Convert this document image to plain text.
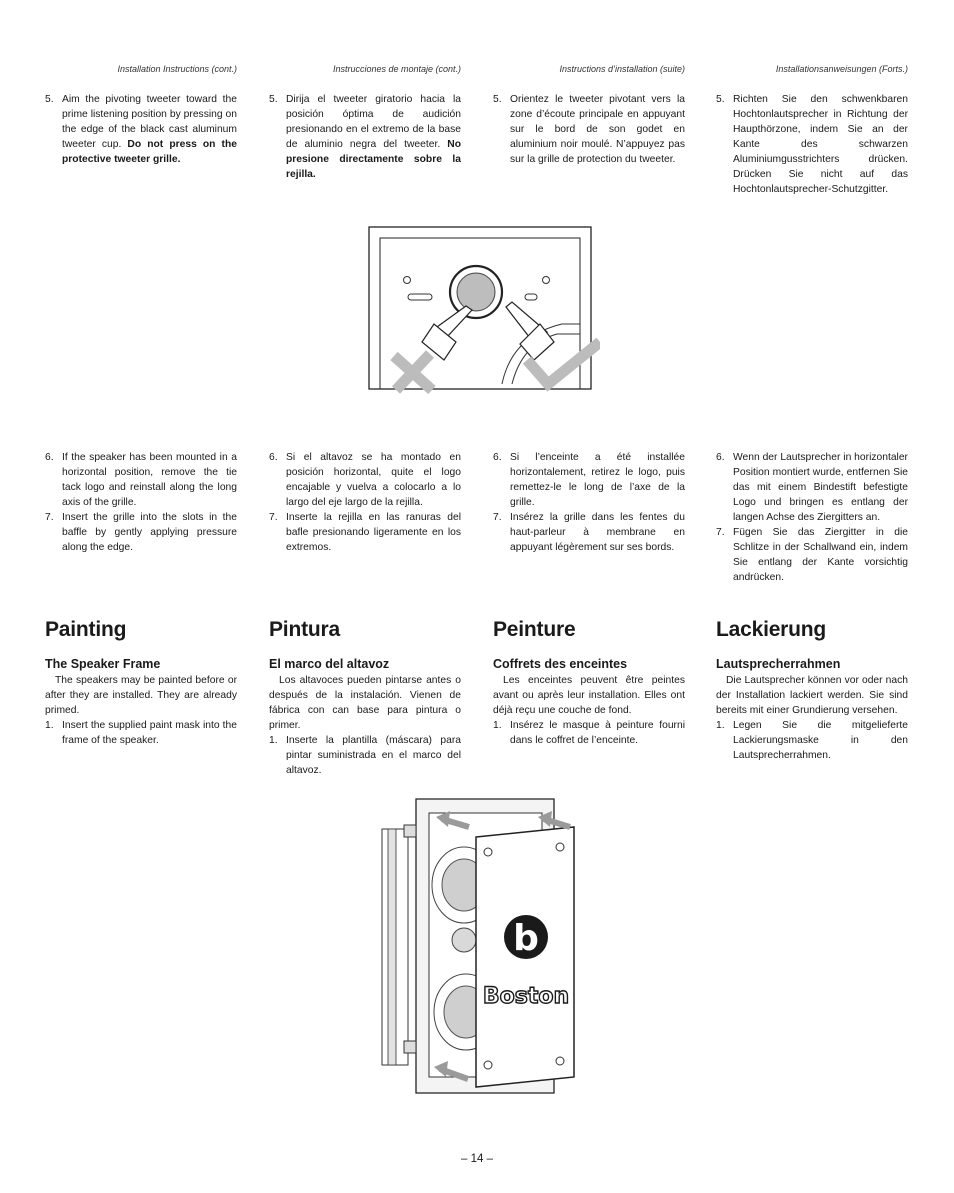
Installation Instructions (cont.)	Instrucciones de montaje (cont.)	Instructions d’installation (suite)	Installationsanweisungen (Forts.)
5. Aim the pivoting tweeter toward the prime listening position by pressing on the edge of the black cast aluminum tweeter cup. Do not press on the protective tweeter grille.
5. Dirija el tweeter giratorio hacia la posición óptima de audición presionando en el extremo de la base de aluminio negra del tweeter. No presione directamente sobre la rejilla.
5. Orientez le tweeter pivotant vers la zone d’écoute principale en appuyant sur le bord de son godet en aluminium noir moulé. N’appuyez pas sur la grille de protection du tweeter.
5. Richten Sie den schwenkbaren Hochtonlautsprecher in Richtung der Haupthörzone, indem Sie an der Kante des schwarzen Aluminiumgusstrichters drücken. Drücken Sie nicht auf das Hochtonlautsprecher-Schutzgitter.
6. If the speaker has been mounted in a horizontal position, remove the tie tack logo and reinstall along the long axis of the grille.
7. Insert the grille into the slots in the baffle by gently applying pressure along the edge.
6. Si el altavoz se ha montado en posición horizontal, quite el logo encajable y vuelva a colocarlo a lo largo del eje largo de la rejilla.
7. Inserte la rejilla en las ranuras del bafle presionando ligeramente en los extremos.
6. Si l’enceinte a été installée horizontalement, retirez le logo, puis remettez-le le long de l’axe de la grille.
7. Insérez la grille dans les fentes du haut-parleur à membrane en appuyant légèrement sur ses bords.
6. Wenn der Lautsprecher in horizontaler Position montiert wurde, entfernen Sie das mit einem Bindestift befestigte Logo und bringen es entlang der langen Achse des Ziergitters an.
7. Fügen Sie das Ziergitter in die Schlitze in der Schallwand ein, indem Sie entlang der Kante vorsichtig andrücken.
Painting	Pintura	Peinture	Lackierung
The Speaker Frame	El marco del altavoz	Coffrets des enceintes	Lautsprecherrahmen

The speakers may be painted before or after they are installed. They are already primed.

1. Insert the supplied paint mask into the frame of the speaker.

Los altavoces pueden pintarse antes o después de la instalación. Vienen de fábrica con can base para pintura o primer.

1. Inserte la plantilla (máscara) para pintar suministrada en el marco del altavoz.

Les enceintes peuvent être peintes avant ou après leur installation. Elles ont déjà reçu une couche de fond.

1. Insérez le masque à peinture fourni dans le coffret de l’enceinte.

Die Lautsprecher können vor oder nach der Installation lackiert werden. Sie sind bereits mit einer Grundierung versehen.

1. Legen Sie die mitgelieferte Lackierungsmaske in den Lautsprecherrahmen.
b
Boston
– 14 –
